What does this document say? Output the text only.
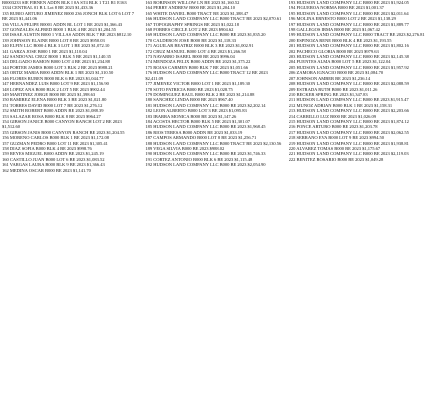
B0003233 SIE FIRNEN ADDN BLK I 0A ST4 BLK 1 T21 R1 E163

1334 CENTRAL 01 B L Lot 8 BE 2023 $1,433.36

135 RUBIO ARTURO JIMENEZ B000 236 JONCH BLK LOT 6 LOT 7 BE 2023 $1,441.06

136 VILLA FELIPE B0001 ADDN BL LOT 1 BE 2023 $1,366.43

137 GONZALES ALFRED B000 1 BLK 4 BE 2023 $1,204.55

138 ISSAE AUSTIN B000 1 VILLAS ADDN BLK 7 BE 2023 $812.10

139 JOHNSON ELAINE B000 LOT 8 BE 2023 $950.03

140 ELFIN LLC B000 4 BLK 3 LOT 1 BE 2023 $1,072.10

141 GARZA JOSE B000 1 BE 2023 $1,110.04

142 SANDOVAL CRUZ B000 1 BLK 5 BE 2023 $1,140.35

143 DELGADO RAMON B000 LOT 4 BE 2023 $1,234.88

144 PORTER JAMES B000 LOT 3 BLK 2 BE 2023 $988.21

145 ORTIZ MARIA B000 ADDN BLK 1 BE 2023 $1,310.50

146 FLORES RUBEN B000 BLK 6 BE 2023 $1,044.77

147 HERNANDEZ LUIS B000 LOT 9 BE 2023 $1,156.90

148 LOPEZ ANA B000 BLK 2 LOT 5 BE 2023 $902.44

149 MARTINEZ JORGE B000 BE 2023 $1,398.63

150 RAMIREZ ELENA B000 BLK 3 BE 2023 $1,021.80

151 TORRES DAVID B000 LOT 7 BE 2023 $1,276.12

152 SMITH ROBERT B000 ADDN BE 2023 $1,088.39

153 SALAZAR ROSA B000 BLK 8 BE 2023 $964.27

154 GIBSON JANICE B000 CANYON RANCH LOT 2 BE 2023 $1,512.60

155 GIBSON JANIS B000 CANYON RANCH BE 2023 $1,204.55

156 MORENO CARLOS B000 BLK 1 BE 2023 $1,172.08

157 GUZMAN PEDRO B000 LOT 11 BE 2023 $1,305.41

158 DIAZ SOFIA B000 BLK 4 BE 2023 $998.76

159 REYES MIGUEL B000 ADDN BE 2023 $1,245.19

160 CASTILLO JUAN B000 LOT 6 BE 2023 $1,083.52

161 VARGAS LAURA B000 BLK 9 BE 2023 $1,366.43

162 MEDINA OSCAR B000 BE 2023 $1,141.70

163 ROBINSON WILLOW LN BE 2023 $1,160.52

164 PERRY ANDREW B000 BE 2023 $1,204.10

165 WHITE DANIEL B000 TRACT BE 2023 $1,388.47

166 HUDSON LAND COMPANY LLC B000 TRACT BE 2023 $2,070.61

167 TOPOGRAPHY SPRINGS BE 2023 $1,022.18

168 FORBES CIRCLE LOT 2 BE 2023 $904.62

169 HUDSON LAND COMPANY LLC B000 BE 2023 $1,835.20

170 CALDERON JOSE B000 BE 2023 $1,118.33

171 AGUILAR BEATRIZ B000 BLK 3 BE 2023 $1,002.91

172 CRUZ MANUEL B000 LOT 4 BE 2023 $1,266.58

173 NAVARRO ISABEL B000 BE 2023 $996.04

174 MENDOZA FELIX B000 ADDN BE 2023 $1,375.22

175 ROJAS CARMEN B000 BLK 7 BE 2023 $1,051.66

176 HUDSON LAND COMPANY LLC B000 TRACT 12 BE 2023 $2,411.09

177 JIMENEZ VICTOR B000 LOT 1 BE 2023 $1,189.30

178 SOTO PATRICIA B000 BE 2023 $1,028.75

179 DOMINGUEZ RAUL B000 BLK 2 BE 2023 $1,214.88

180 SANCHEZ LINDA B000 BE 2023 $967.40

181 HUDSON LAND COMPANY LLC B000 BE 2023 $2,202.14

182 LEON ALBERTO B000 LOT 3 BE 2023 $1,095.83

183 IBARRA MONICA B000 BE 2023 $1,147.26

184 ACOSTA HECTOR B000 BLK 5 BE 2023 $1,301.07

185 HUDSON LAND COMPANY LLC B000 BE 2023 $1,968.45

186 RIOS TERESA B000 ADDN BE 2023 $1,033.19

187 CAMPOS ARMANDO B000 LOT 8 BE 2023 $1,256.71

188 HUDSON LAND COMPANY LLC B000 TRACT BE 2023 $2,130.56

189 VEGA SILVIA B000 BE 2023 $988.02

190 HUDSON LAND COMPANY LLC B000 BE 2023 $1,746.33

191 CORTEZ ANTONIO B000 BLK 6 BE 2023 $1,115.48

192 HUDSON LAND COMPANY LLC B000 BE 2023 $2,054.90

193 HUDSON LAND COMPANY LLC B000 BE 2023 $1,924.05

194 FIGUEROA NORMA B000 BE 2023 $1,001.37

195 HUDSON LAND COMPANY LLC B000 BE 2023 $2,011.64

196 MOLINA ERNESTO B000 LOT 2 BE 2023 $1,138.29

197 HUDSON LAND COMPANY LLC B000 BE 2023 $1,889.77

198 GALLEGOS IRMA B000 BE 2023 $1,067.42

199 HUDSON LAND COMPANY LLC B000 TRACT BE 2023 $2,276.81

200 ESPINOZA RENE B000 BLK 4 BE 2023 $1,193.55

201 HUDSON LAND COMPANY LLC B000 BE 2023 $1,802.16

202 PACHECO GLORIA B000 BE 2023 $979.63

203 HUDSON LAND COMPANY LLC B000 BE 2023 $2,145.38

204 FUENTES ALMA B000 LOT 5 BE 2023 $1,122.04

205 HUDSON LAND COMPANY LLC B000 BE 2023 $1,957.92

206 ZAMORA IGNACIO B000 BE 2023 $1,084.70

207 JOHNSON AMBER BE 2023 $1,236.14

208 HUDSON LAND COMPANY LLC B000 BE 2023 $2,088.59

209 ESTRADA RUTH B000 BE 2023 $1,011.26

210 BECKER SPRING BE 2023 $1,347.83

211 HUDSON LAND COMPANY LLC B000 BE 2023 $1,915.47

212 MUNOZ ADRIAN B000 BLK 1 BE 2023 $1,158.31

213 HUDSON LAND COMPANY LLC B000 BE 2023 $2,203.66

214 CARRILLO LUZ B000 BE 2023 $1,026.09

215 HUDSON LAND COMPANY LLC B000 BE 2023 $1,874.12

216 PONCE ARTURO B000 BE 2023 $1,203.78

217 HUDSON LAND COMPANY LLC B000 BE 2023 $2,062.55

218 SERRANO EVA B000 LOT 9 BE 2023 $994.50

219 HUDSON LAND COMPANY LLC B000 BE 2023 $1,938.81

220 ALVAREZ TOMAS B000 BE 2023 $1,175.67

221 HUDSON LAND COMPANY LLC B000 BE 2023 $2,119.03

222 BENITEZ ROSARIO B000 BE 2023 $1,049.28
